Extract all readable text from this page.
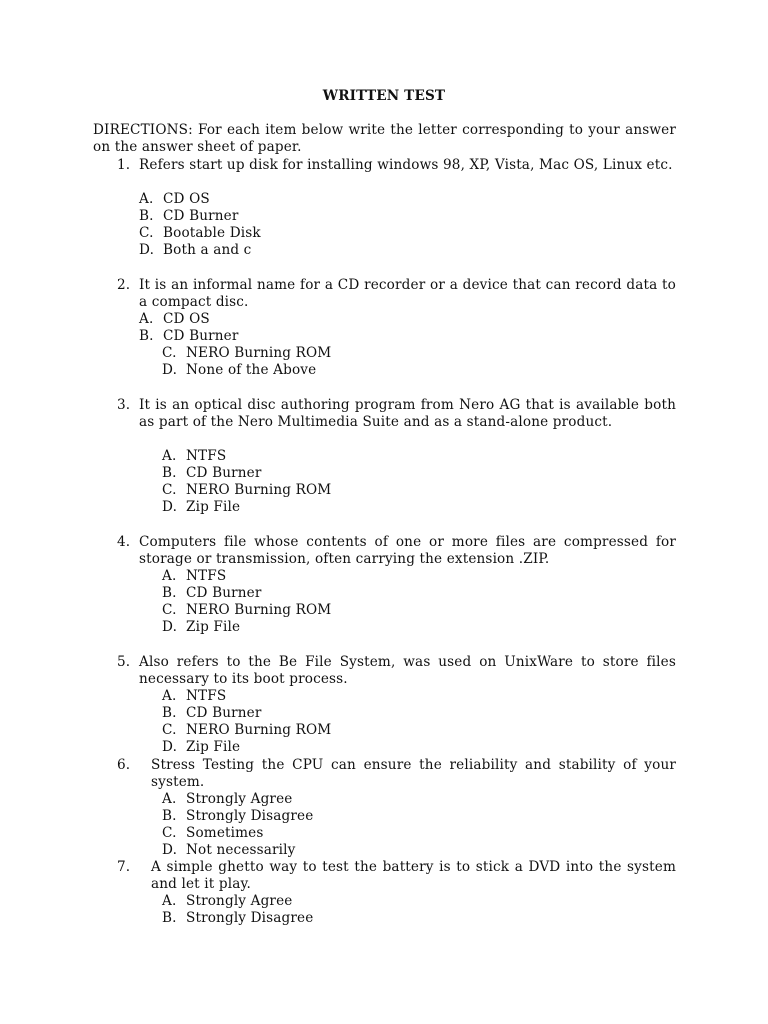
WRITTEN TEST
DIRECTIONS: For each item below write the letter corresponding to your answer on the answer sheet of paper.
1. Refers start up disk for installing windows 98, XP, Vista, Mac OS, Linux etc.
A. CD OS
B. CD Burner
C. Bootable Disk
D. Both a and c
2. It is an informal name for a CD recorder or a device that can record data to a compact disc.
A. CD OS
B. CD Burner
C. NERO Burning ROM
D. None of the Above
3. It is an optical disc authoring program from Nero AG that is available both as part of the Nero Multimedia Suite and as a stand-alone product.
A. NTFS
B. CD Burner
C. NERO Burning ROM
D. Zip File
4. Computers file whose contents of one or more files are compressed for storage or transmission, often carrying the extension .ZIP.
A. NTFS
B. CD Burner
C. NERO Burning ROM
D. Zip File
5. Also refers to the Be File System, was used on UnixWare to store files necessary to its boot process.
A. NTFS
B. CD Burner
C. NERO Burning ROM
D. Zip File
6. Stress Testing the CPU can ensure the reliability and stability of your system.
A. Strongly Agree
B. Strongly Disagree
C. Sometimes
D. Not necessarily
7. A simple ghetto way to test the battery is to stick a DVD into the system and let it play.
A. Strongly Agree
B. Strongly Disagree
